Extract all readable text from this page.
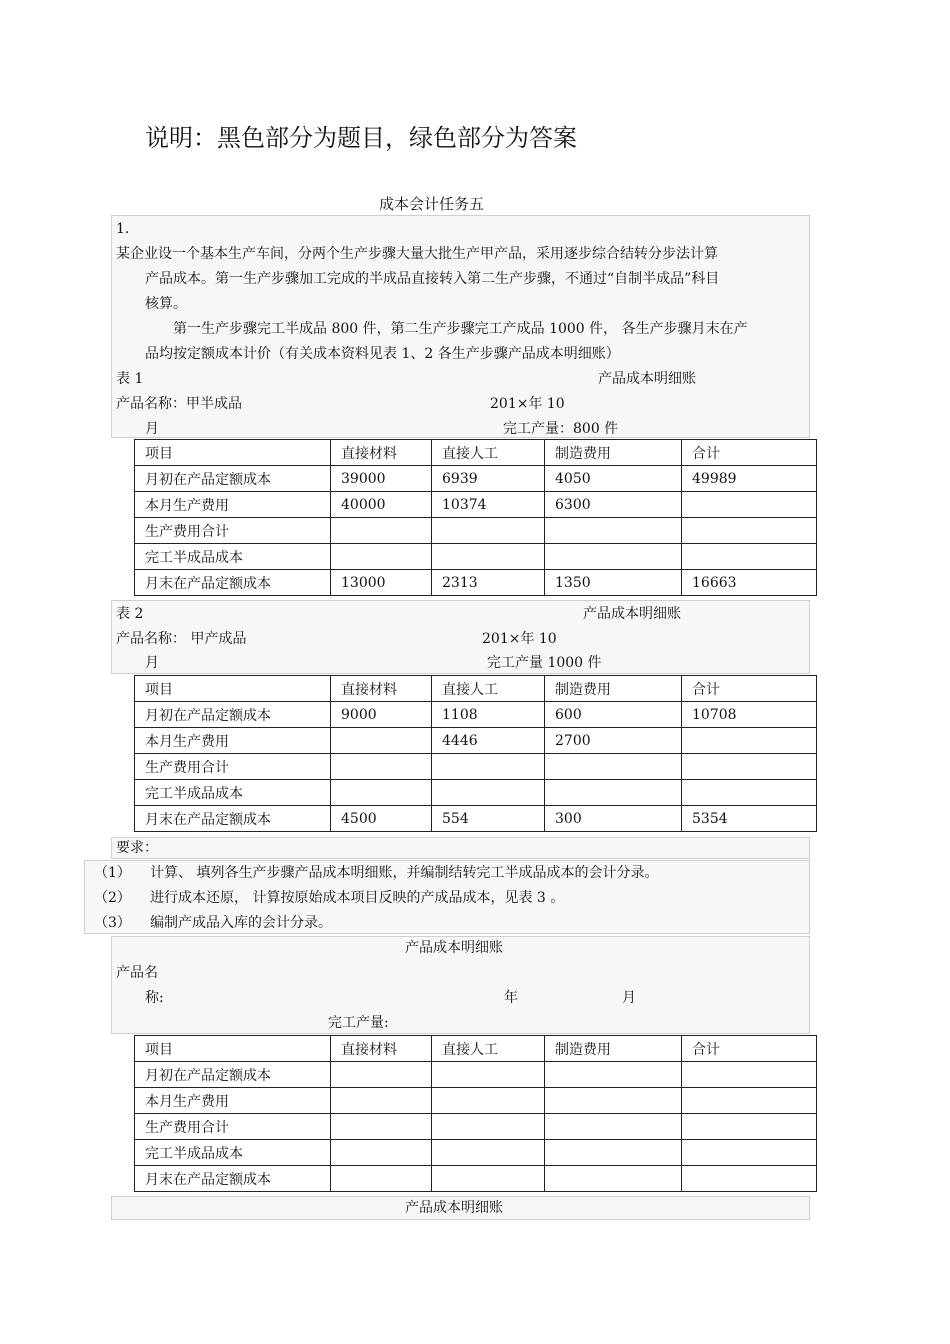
说明：黑色部分为题目，绿色部分为答案
成本会计任务五
1.
某企业设一个基本生产车间，分两个生产步骤大量大批生产甲产品，采用逐步综合结转分步法计算
产品成本。第一生产步骤加工完成的半成品直接转入第二生产步骤，不通过“自制半成品”科目
核算。
第一生产步骤完工半成品 800 件，第二生产步骤完工产成品 1000 件， 各生产步骤月末在产
品均按定额成本计价（有关成本资料见表 1、2 各生产步骤产品成本明细账）
表 1	产品成本明细账
产品名称：甲半成品	201×年 10
月	完工产量：800 件
项目	直接材料	直接人工	制造费用	合计
月初在产品定额成本	39000	6939	4050	49989
本月生产费用	40000	10374	6300	
生产费用合计				
完工半成品成本				
月末在产品定额成本	13000	2313	1350	16663
表 2	产品成本明细账
产品名称： 甲产成品	201×年 10
月	完工产量 1000 件
项目	直接材料	直接人工	制造费用	合计
月初在产品定额成本	9000	1108	600	10708
本月生产费用		4446	2700	
生产费用合计				
完工半成品成本				
月末在产品定额成本	4500	554	300	5354
要求：
（1） 计算、 填列各生产步骤产品成本明细账，并编制结转完工半成品成本的会计分录。
（2） 进行成本还原， 计算按原始成本项目反映的产成品成本，见表 3 。
（3） 编制产成品入库的会计分录。
产品成本明细账
产品名
称:	年	月
完工产量:
项目	直接材料	直接人工	制造费用	合计
月初在产品定额成本				
本月生产费用				
生产费用合计				
完工半成品成本				
月末在产品定额成本				
产品成本明细账
